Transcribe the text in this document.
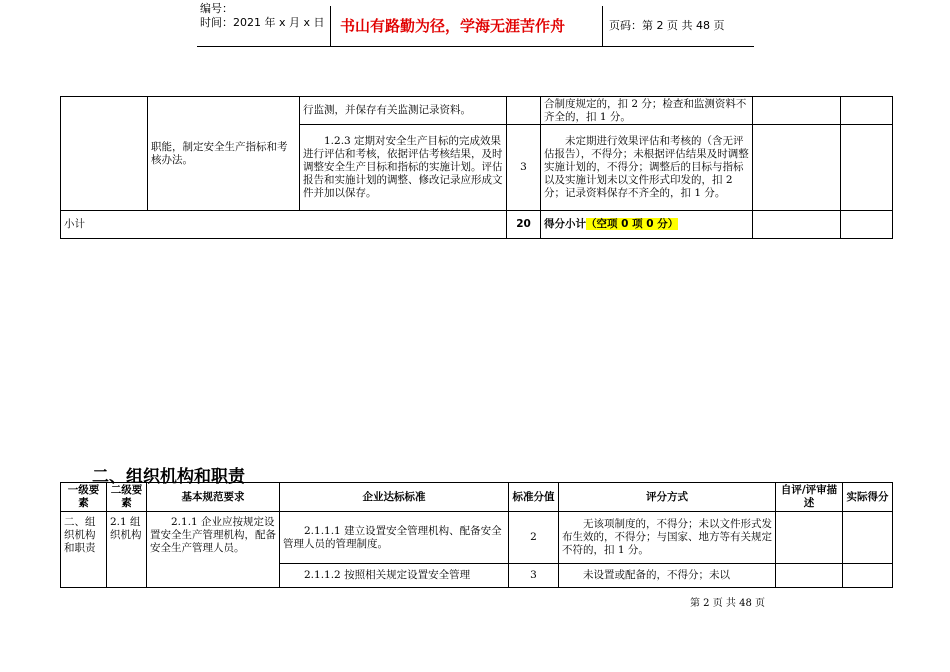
编号：
时间：2021 年 x 月 x 日 书山有路勤为径，学海无涯苦作舟	页码：第 2 页 共 48 页
	职能，制定安全生产指标和考核办法。	行监测，并保存有关监测记录资料。		合制度规定的，扣 2 分；检查和监测资料不齐全的，扣 1 分。		
		1.2.3 定期对安全生产目标的完成效果进行评估和考核，依据评估考核结果，及时调整安全生产目标和指标的实施计划。评估报告和实施计划的调整、修改记录应形成文件并加以保存。	3	未定期进行效果评估和考核的（含无评估报告），不得分；未根据评估结果及时调整实施计划的，不得分；调整后的目标与指标以及实施计划未以文件形式印发的，扣 2 分；记录资料保存不齐全的，扣 1 分。		
小计			20	得分小计（空项 0 项 0 分）		
二、组织机构和职责
一级要素	二级要素	基本规范要求	企业达标标准	标准分值	评分方式	自评/评审描 述	实际得分
二、组织机构和职责	2.1 组织机构	2.1.1 企业应按规定设置安全生产管理机构，配备安全生产管理人员。	2.1.1.1 建立设置安全管理机构、配备安全管理人员的管理制度。	2	无该项制度的，不得分；未以文件形式发布生效的，不得分；与国家、地方等有关规定不符的，扣 1 分。		
			2.1.1.2 按照相关规定设置安全管理	3	未设置或配备的，不得分；未以		
第 2 页 共 48 页
